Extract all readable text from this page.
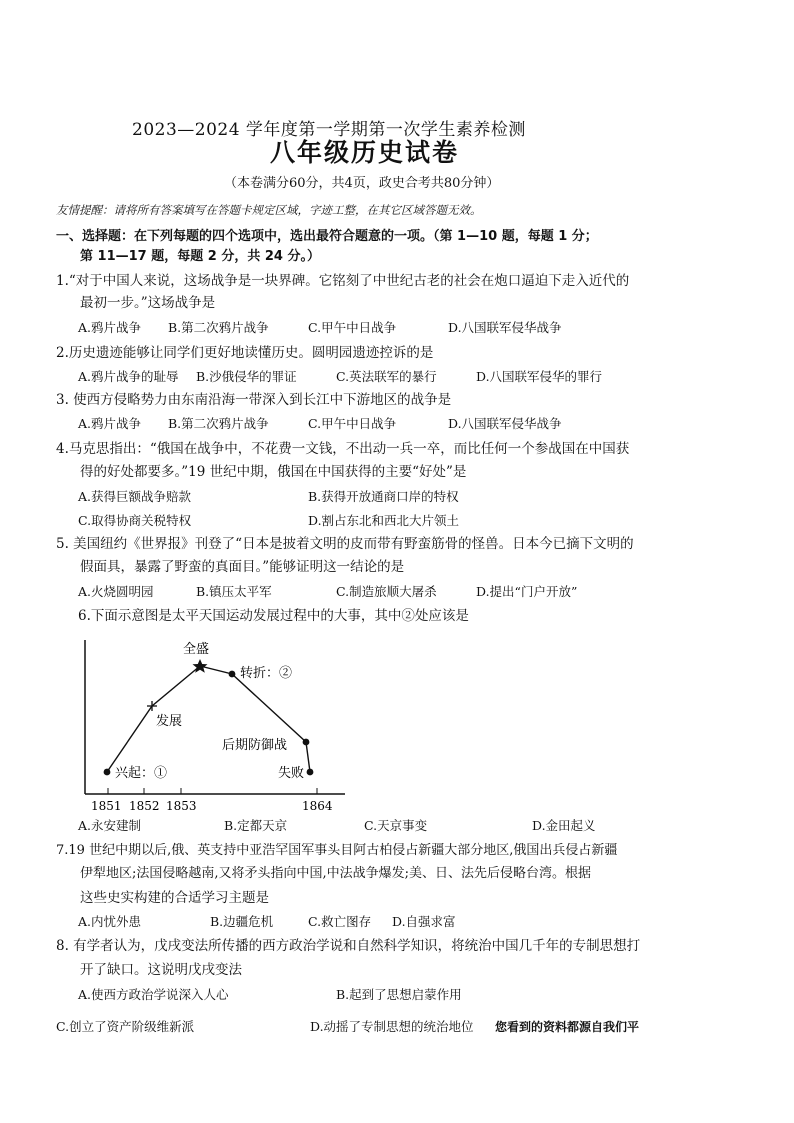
2023—2024 学年度第一学期第一次学生素养检测
八年级历史试卷
（本卷满分60分，共4页，政史合考共80分钟）
友情提醒：请将所有答案填写在答题卡规定区域，字迹工整，在其它区域答题无效。
一、选择题：在下列每题的四个选项中，选出最符合题意的一项。（第 1—10 题，每题 1 分；
第 11—17 题，每题 2 分，共 24 分。）
1.“对于中国人来说，这场战争是一块界碑。它铭刻了中世纪古老的社会在炮口逼迫下走入近代的
最初一步。”这场战争是
A.鸦片战争 B.第二次鸦片战争	C.甲午中日战争	D.八国联军侵华战争
2.历史遗迹能够让同学们更好地读懂历史。圆明园遗迹控诉的是
A.鸦片战争的耻辱 B.沙俄侵华的罪证	C.英法联军的暴行	D.八国联军侵华的罪行
3. 使西方侵略势力由东南沿海一带深入到长江中下游地区的战争是
A.鸦片战争 B.第二次鸦片战争	C.甲午中日战争	D.八国联军侵华战争
4.马克思指出：“俄国在战争中，不花费一文钱，不出动一兵一卒，而比任何一个参战国在中国获
得的好处都要多。”19 世纪中期，俄国在中国获得的主要“好处”是
A.获得巨额战争赔款	B.获得开放通商口岸的特权
C.取得协商关税特权	D.割占东北和西北大片领土
5. 美国纽约《世界报》刊登了“日本是披着文明的皮而带有野蛮筋骨的怪兽。日本今已摘下文明的
假面具，暴露了野蛮的真面目。”能够证明这一结论的是
A.火烧圆明园	B.镇压太平军	C.制造旅顺大屠杀	D.提出“门户开放”
6.下面示意图是太平天国运动发展过程中的大事，其中②处应该是
全盛
转折：②
发展
后期防御战
兴起：①	失败
1851 1852 1853	1864
A.永安建制	B.定都天京	C.天京事变	D.金田起义
7.19 世纪中期以后,俄、英支持中亚浩罕国军事头目阿古柏侵占新疆大部分地区,俄国出兵侵占新疆
伊犁地区;法国侵略越南,又将矛头指向中国,中法战争爆发;美、日、法先后侵略台湾。根据
这些史实构建的合适学习主题是
A.内忧外患	B.边疆危机	C.救亡图存 D.自强求富
8. 有学者认为，戊戌变法所传播的西方政治学说和自然科学知识，将统治中国几千年的专制思想打
开了缺口。这说明戊戌变法
A.使西方政治学说深入人心	B.起到了思想启蒙作用
C.创立了资产阶级维新派	D.动摇了专制思想的统治地位 您看到的资料都源自我们平
